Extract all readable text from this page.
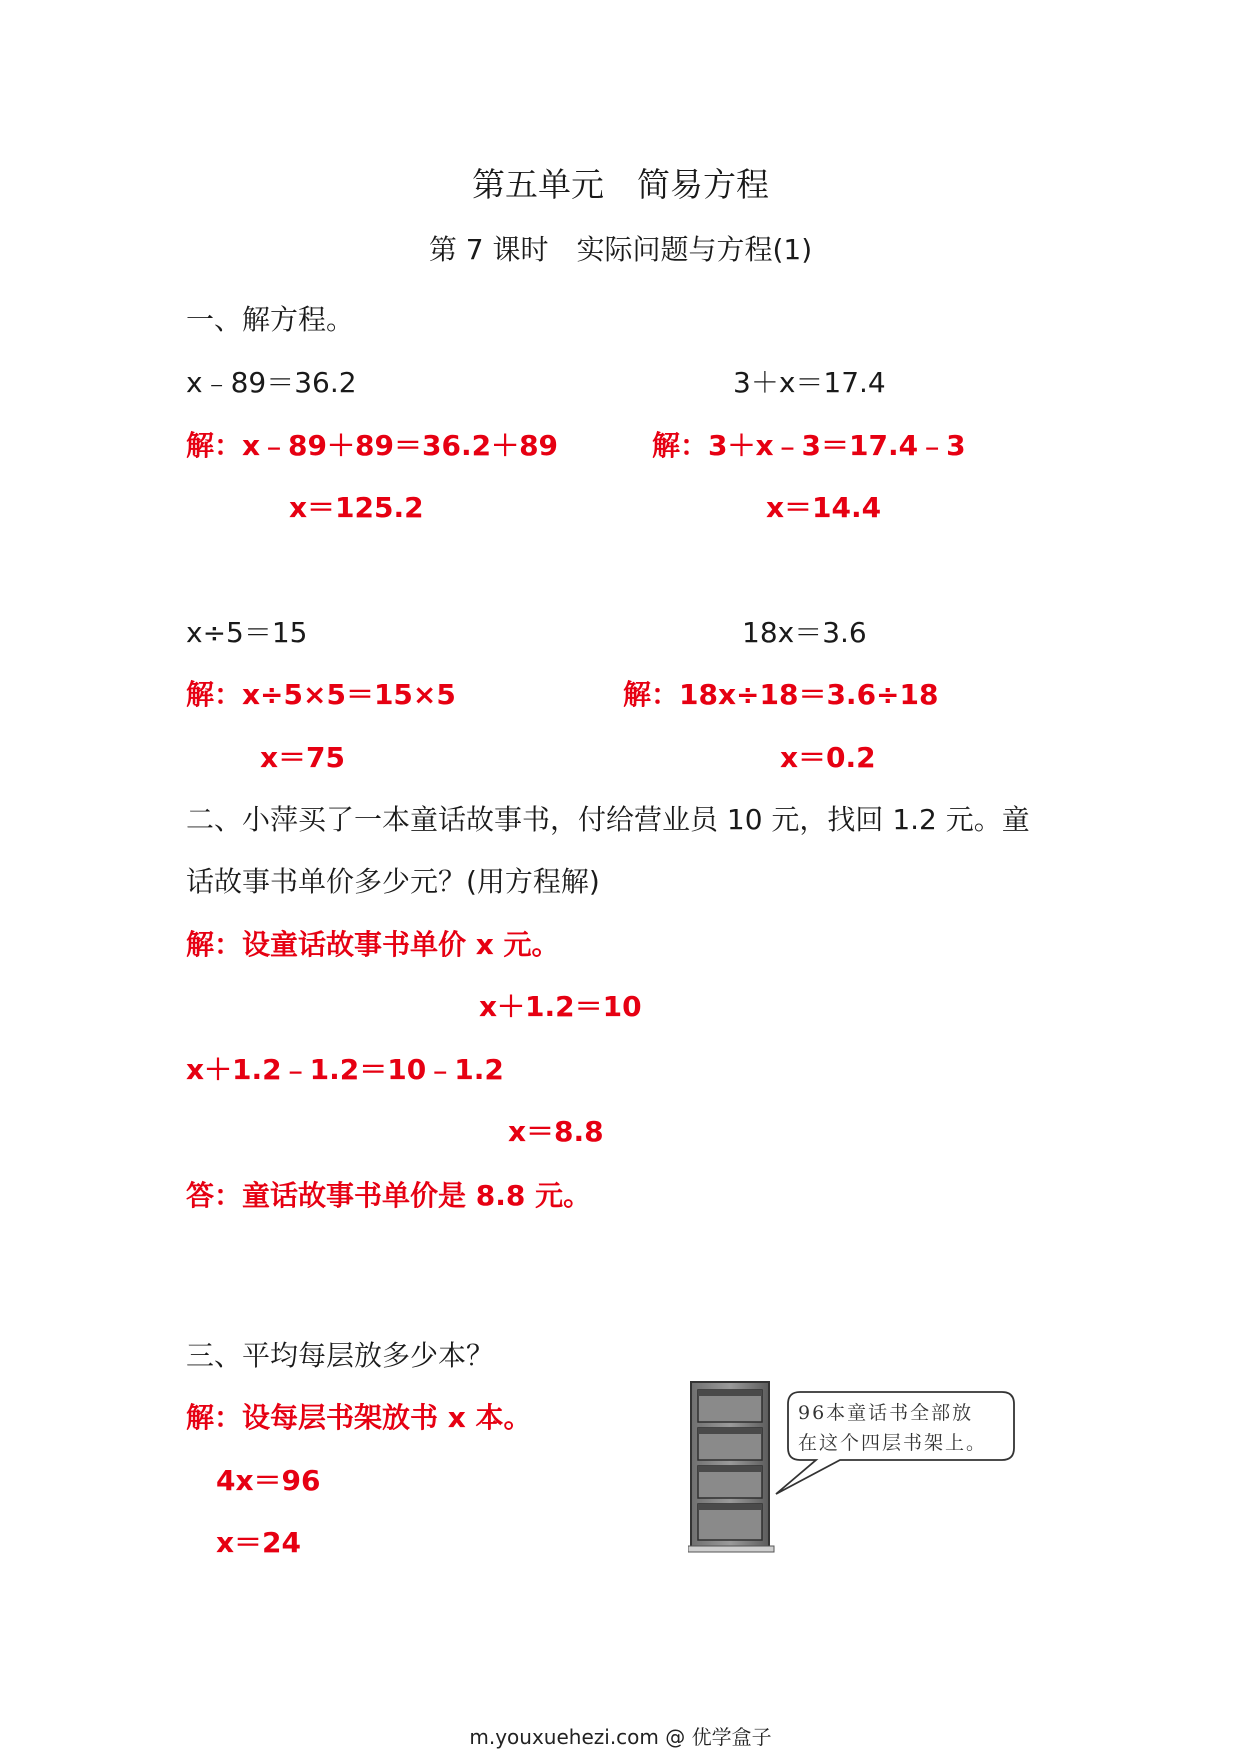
第五单元　简易方程
第 7 课时　实际问题与方程(1)
一、解方程。
x﹣89＝36.2
解：x﹣89＋89＝36.2＋89
x＝125.2
3＋x＝17.4
解：3＋x﹣3＝17.4﹣3
x＝14.4
x÷5＝15
解：x÷5×5＝15×5
x＝75
18x＝3.6
解：18x÷18＝3.6÷18
x＝0.2
二、小萍买了一本童话故事书，付给营业员 10 元，找回 1.2 元。童
话故事书单价多少元？(用方程解)
解：设童话故事书单价 x 元。
x＋1.2＝10
x＋1.2﹣1.2＝10﹣1.2
x＝8.8
答：童话故事书单价是 8.8 元。
三、平均每层放多少本？
解：设每层书架放书 x 本。
4x＝96
x＝24
96本童话书全部放
在这个四层书架上。
m.youxuehezi.com @ 优学盒子
